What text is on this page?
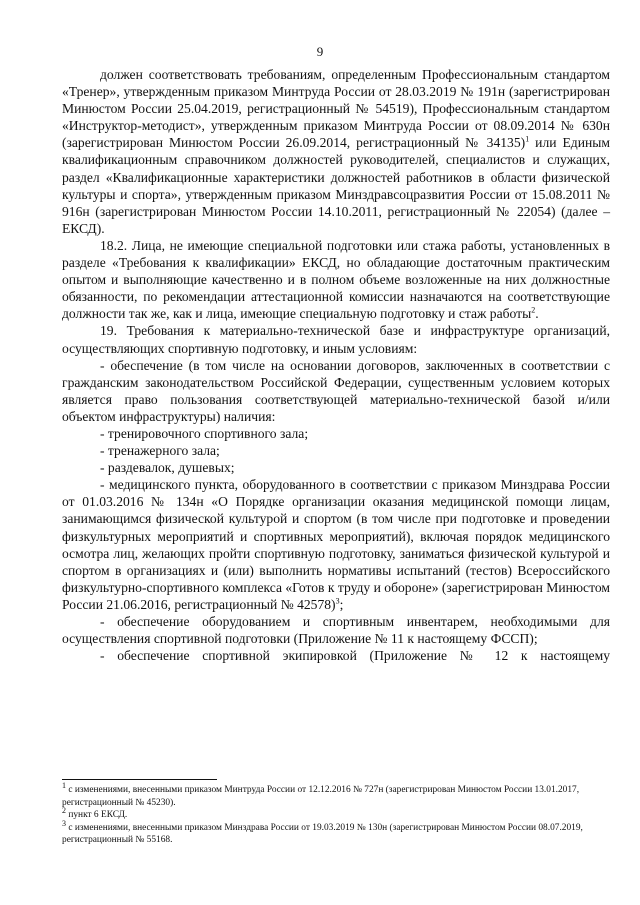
9

должен соответствовать требованиям, определенным Профессиональным стандартом «Тренер», утвержденным приказом Минтруда России от 28.03.2019 № 191н (зарегистрирован Минюстом России 25.04.2019, регистрационный № 54519), Профессиональным стандартом «Инструктор-методист», утвержденным приказом Минтруда России от 08.09.2014 № 630н (зарегистрирован Минюстом России 26.09.2014, регистрационный № 34135)$^1$ или Единым квалификационным справочником должностей руководителей, специалистов и служащих, раздел «Квалификационные характеристики должностей работников в области физической культуры и спорта», утвержденным приказом Минздравсоцразвития России от 15.08.2011 № 916н (зарегистрирован Минюстом России 14.10.2011, регистрационный № 22054) (далее – ЕКСД).

18.2. Лица, не имеющие специальной подготовки или стажа работы, установленных в разделе «Требования к квалификации» ЕКСД, но обладающие достаточным практическим опытом и выполняющие качественно и в полном объеме возложенные на них должностные обязанности, по рекомендации аттестационной комиссии назначаются на соответствующие должности так же, как и лица, имеющие специальную подготовку и стаж работы$^2$.

19. Требования к материально-технической базе и инфраструктуре организаций, осуществляющих спортивную подготовку, и иным условиям:

- обеспечение (в том числе на основании договоров, заключенных в соответствии с гражданским законодательством Российской Федерации, существенным условием которых является право пользования соответствующей материально-технической базой и/или объектом инфраструктуры) наличия:

- тренировочного спортивного зала;

- тренажерного зала;

- раздевалок, душевых;

- медицинского пункта, оборудованного в соответствии с приказом Минздрава России от 01.03.2016 № 134н «О Порядке организации оказания медицинской помощи лицам, занимающимся физической культурой и спортом (в том числе при подготовке и проведении физкультурных мероприятий и спортивных мероприятий), включая порядок медицинского осмотра лиц, желающих пройти спортивную подготовку, заниматься физической культурой и спортом в организациях и (или) выполнить нормативы испытаний (тестов) Всероссийского физкультурно-спортивного комплекса «Готов к труду и обороне» (зарегистрирован Минюстом России 21.06.2016, регистрационный № 42578)$^3$;

- обеспечение оборудованием и спортивным инвентарем, необходимыми для осуществления спортивной подготовки (Приложение № 11 к настоящему ФССП);

- обеспечение спортивной экипировкой (Приложение № 12 к настоящему

$^1$ с изменениями, внесенными приказом Минтруда России от 12.12.2016 № 727н (зарегистрирован Минюстом России 13.01.2017, регистрационный № 45230).

$^2$ пункт 6 ЕКСД.

$^3$ с изменениями, внесенными приказом Минздрава России от 19.03.2019 № 130н (зарегистрирован Минюстом России 08.07.2019, регистрационный № 55168.
